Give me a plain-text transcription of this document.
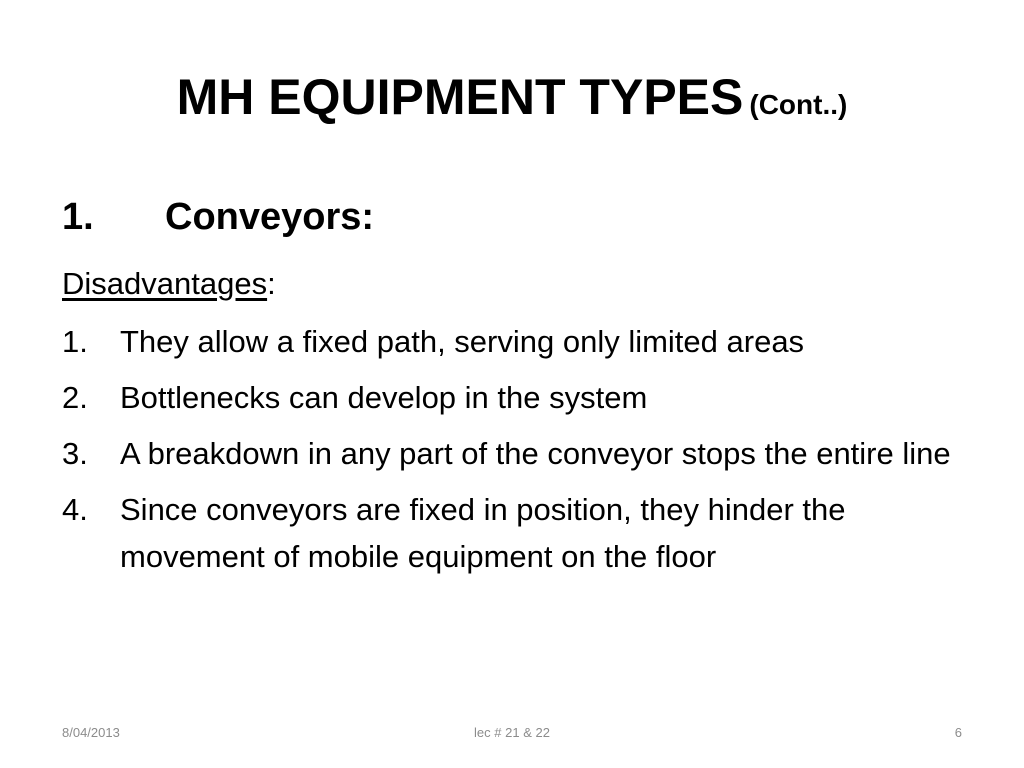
MH EQUIPMENT TYPES (Cont..)
1. Conveyors:
Disadvantages:
1. They allow a fixed path, serving only limited areas
2. Bottlenecks can develop in the system
3. A breakdown in any part of the conveyor stops the entire line
4. Since conveyors are fixed in position, they hinder the movement of mobile equipment on the floor
8/04/2013	lec # 21 & 22	6
